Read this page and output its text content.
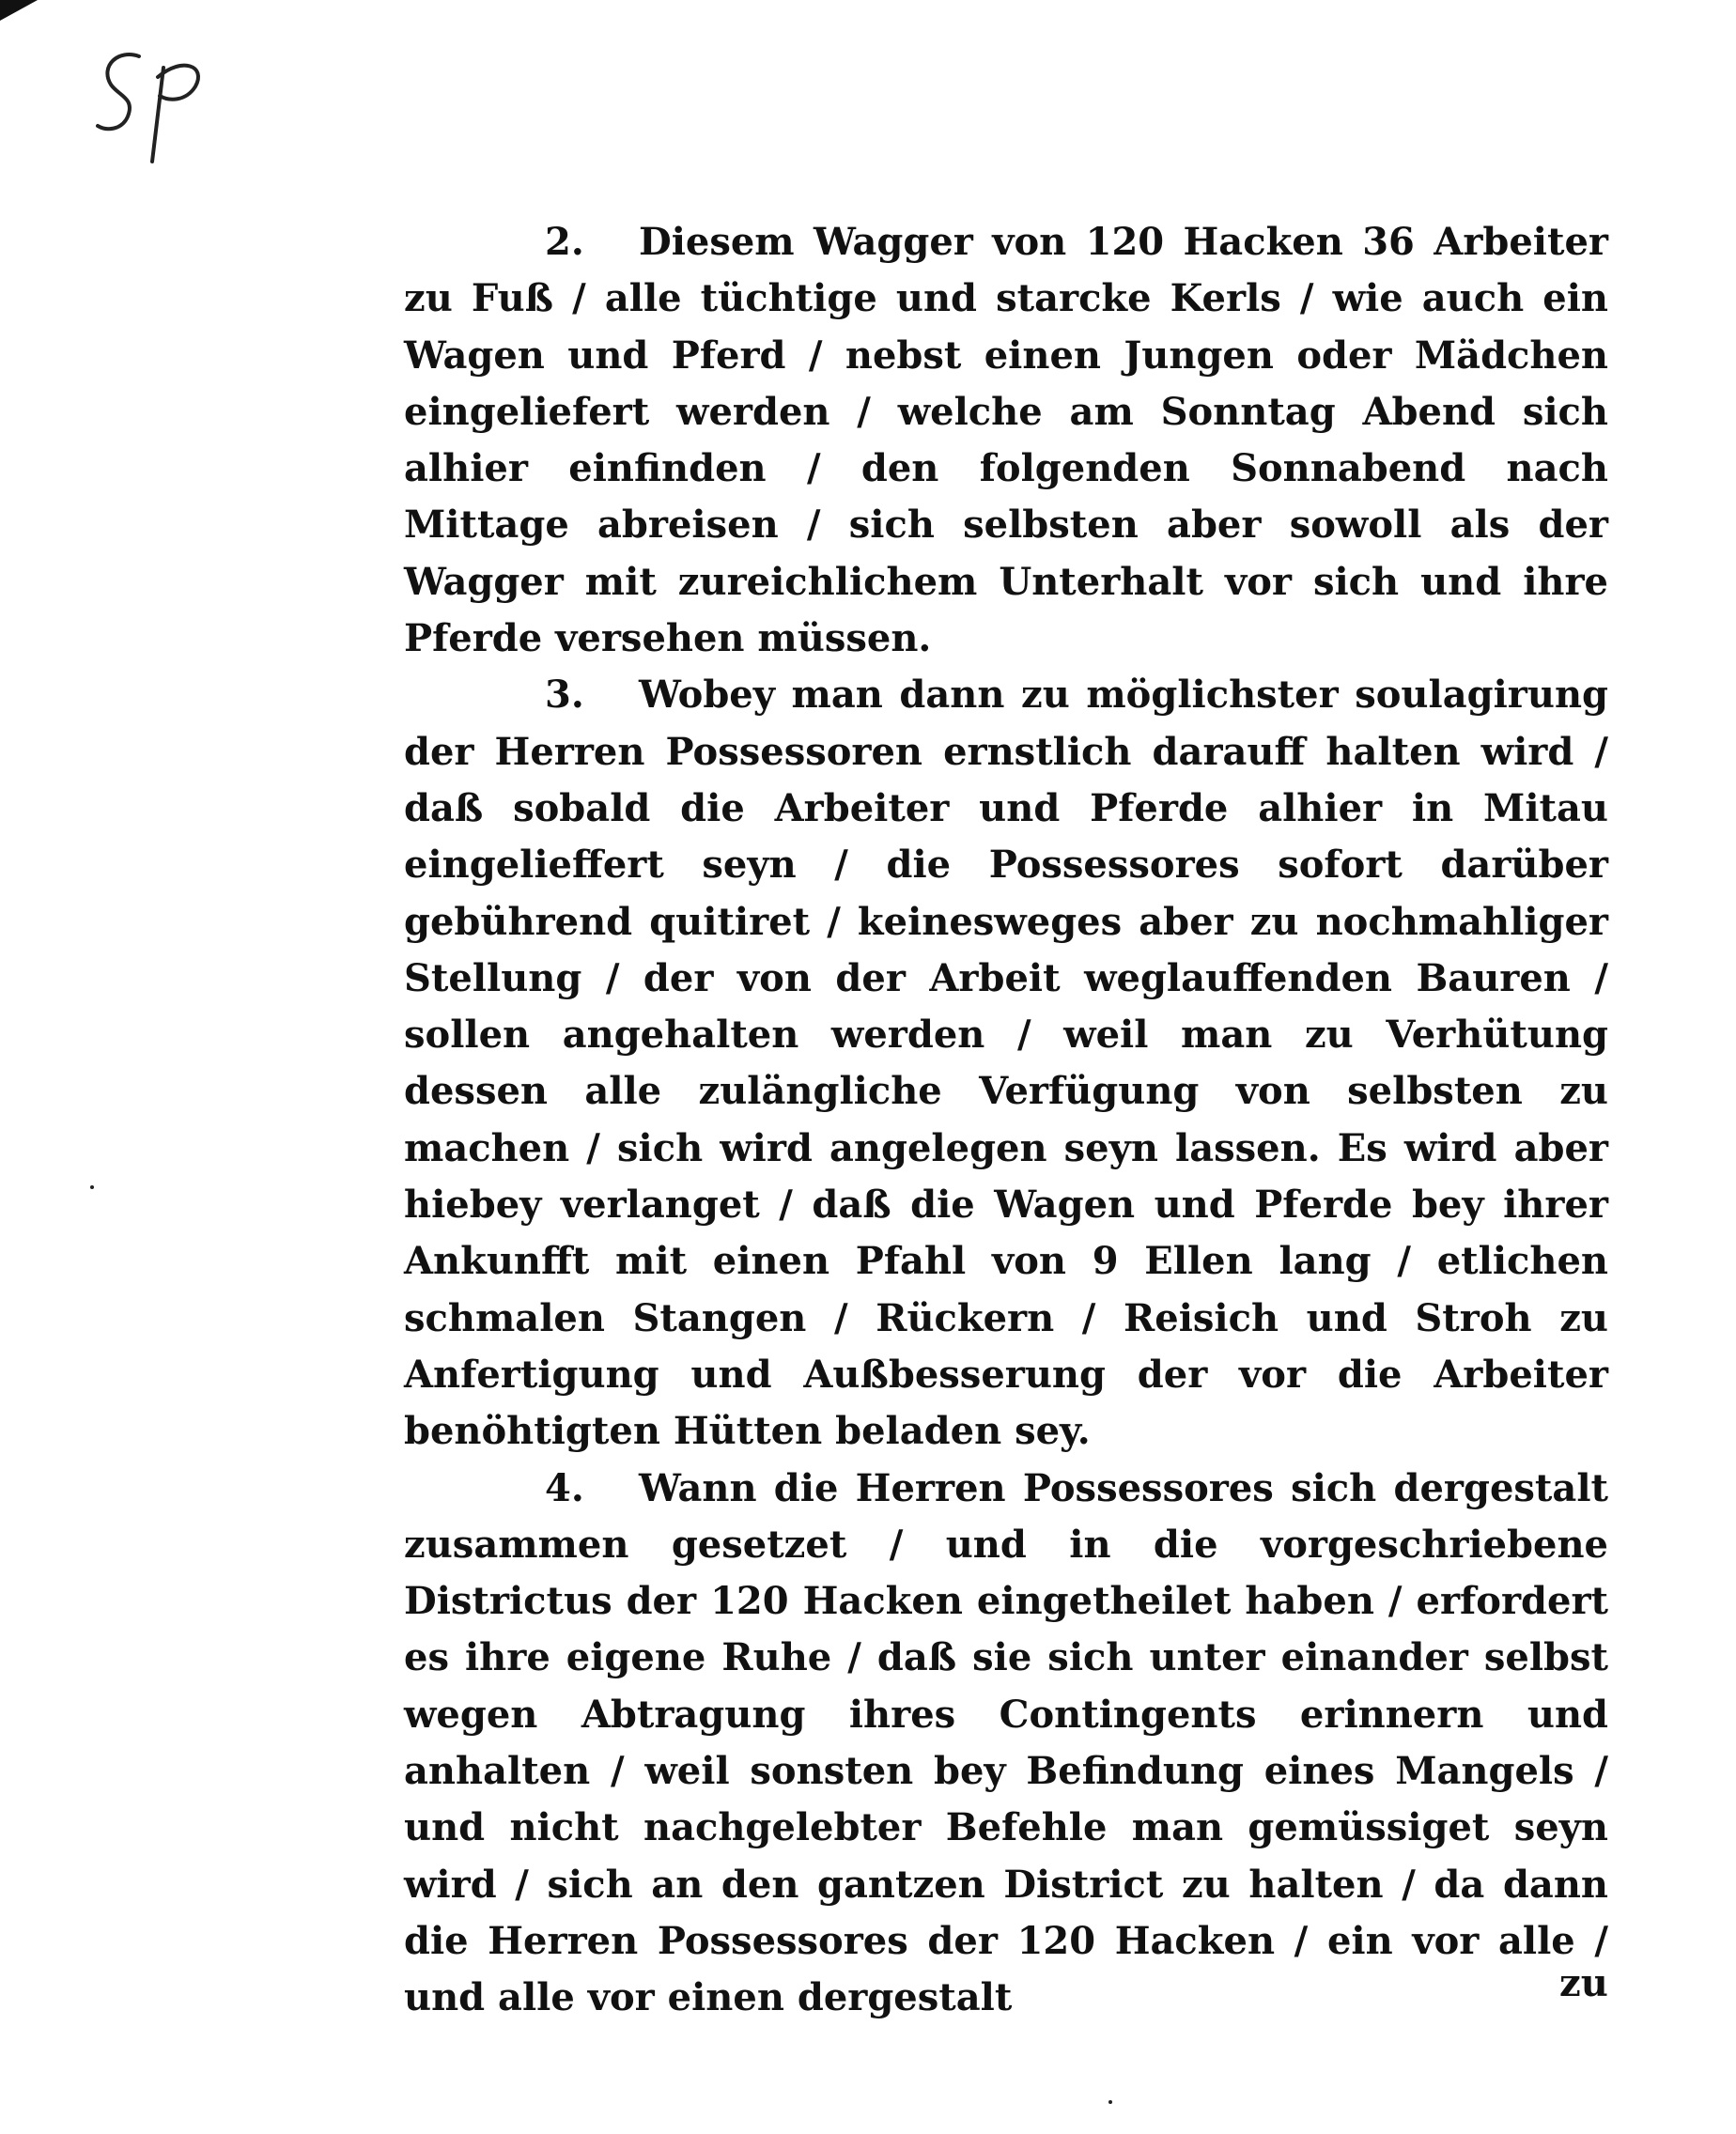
2. Diesem Wagger von 120 Hacken 36 Arbeiter zu Fuß / alle tüchtige und starcke Kerls / wie auch ein Wagen und Pferd / nebst einen Jungen oder Mädchen eingeliefert werden / welche am Sonntag Abend sich alhier einfinden / den folgenden Sonnabend nach Mittage abreisen / sich selbsten aber sowoll als der Wagger mit zureichlichem Unterhalt vor sich und ihre Pferde versehen müssen.

3. Wobey man dann zu möglichster soulagirung der Herren Possessoren ernstlich darauff halten wird / daß sobald die Arbeiter und Pferde alhier in Mitau eingelieffert seyn / die Possessores sofort darüber gebührend quitiret / keinesweges aber zu nochmahliger Stellung / der von der Arbeit weglauffenden Bauren / sollen angehalten werden / weil man zu Verhütung dessen alle zulängliche Verfügung von selbsten zu machen / sich wird angelegen seyn lassen. Es wird aber hiebey verlanget / daß die Wagen und Pferde bey ihrer Ankunfft mit einen Pfahl von 9 Ellen lang / etlichen schmalen Stangen / Rückern / Reisich und Stroh zu Anfertigung und Außbesserung der vor die Arbeiter benöhtigten Hütten beladen sey.

4. Wann die Herren Possessores sich dergestalt zusammen gesetzet / und in die vorgeschriebene Districtus der 120 Hacken eingetheilet haben / erfordert es ihre eigene Ruhe / daß sie sich unter einander selbst wegen Abtragung ihres Contingents erinnern und anhalten / weil sonsten bey Befindung eines Mangels / und nicht nachgelebter Befehle man gemüssiget seyn wird / sich an den gantzen District zu halten / da dann die Herren Possessores der 120 Hacken / ein vor alle / und alle vor einen dergestalt	zu
